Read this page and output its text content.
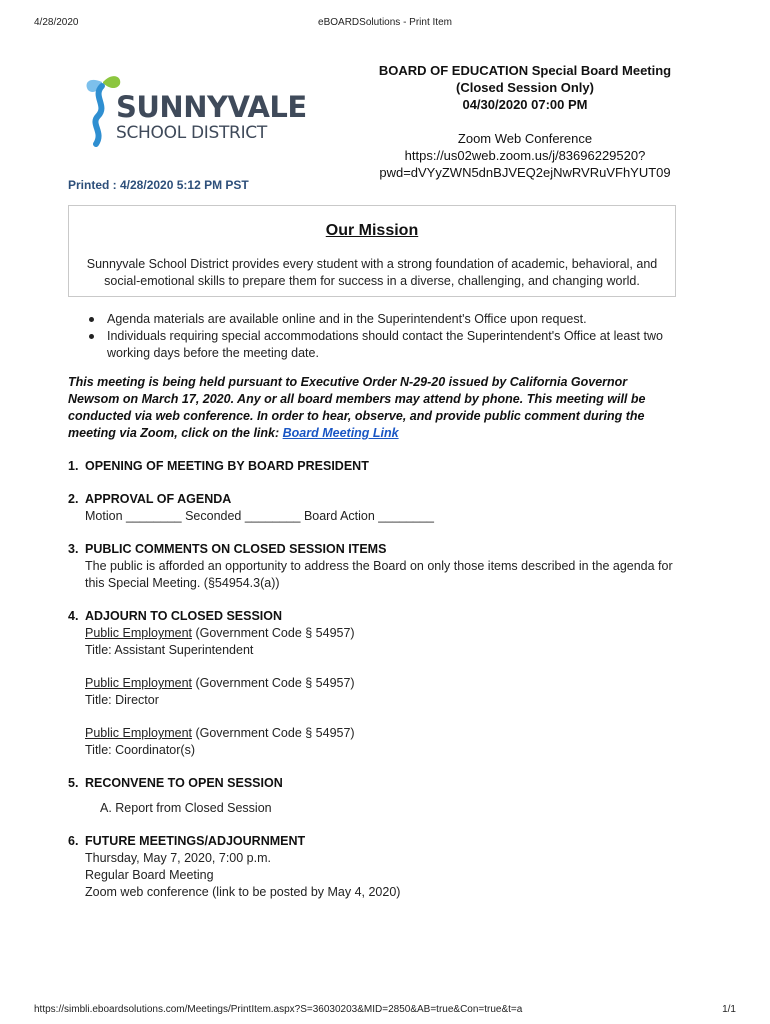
4/28/2020	eBOARDSolutions - Print Item
SUNNYVALE
SCHOOL DISTRICT
Printed : 4/28/2020 5:12 PM PST
BOARD OF EDUCATION Special Board Meeting
(Closed Session Only)
04/30/2020 07:00 PM
Zoom Web Conference
https://us02web.zoom.us/j/83696229520?
pwd=dVYyZWN5dnBJVEQ2ejNwRVRuVFhYUT09
Our Mission

Sunnyvale School District provides every student with a strong foundation of academic, behavioral, and social-emotional skills to prepare them for success in a diverse, challenging, and changing world.

Agenda materials are available online and in the Superintendent's Office upon request.
Individuals requiring special accommodations should contact the Superintendent's Office at least two working days before the meeting date.
This meeting is being held pursuant to Executive Order N-29-20 issued by California Governor Newsom on March 17, 2020. Any or all board members may attend by phone. This meeting will be conducted via web conference. In order to hear, observe, and provide public comment during the meeting via Zoom, click on the link: Board Meeting Link
1. OPENING OF MEETING BY BOARD PRESIDENT
2. APPROVAL OF AGENDA
Motion ________ Seconded ________ Board Action ________
3. PUBLIC COMMENTS ON CLOSED SESSION ITEMS
The public is afforded an opportunity to address the Board on only those items described in the agenda for this Special Meeting. (§54954.3(a))
4. ADJOURN TO CLOSED SESSION
Public Employment (Government Code § 54957)
Title: Assistant Superintendent
Public Employment (Government Code § 54957)
Title: Director
Public Employment (Government Code § 54957)
Title: Coordinator(s)
5. RECONVENE TO OPEN SESSION
A. Report from Closed Session
6. FUTURE MEETINGS/ADJOURNMENT
Thursday, May 7, 2020, 7:00 p.m.
Regular Board Meeting
Zoom web conference (link to be posted by May 4, 2020)
https://simbli.eboardsolutions.com/Meetings/PrintItem.aspx?S=36030203&MID=2850&AB=true&Con=true&t=a	1/1
